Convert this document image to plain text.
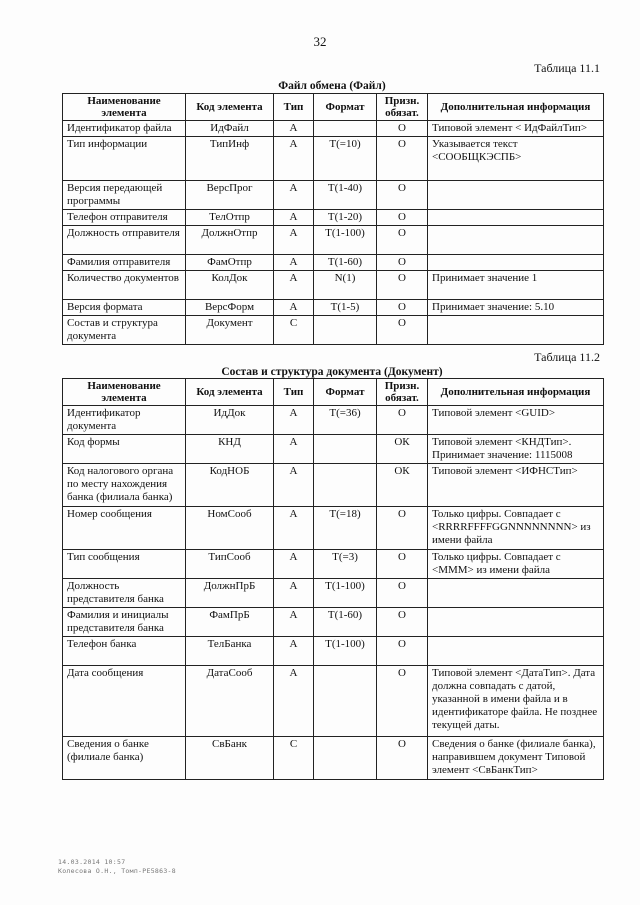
32
Таблица 11.1
Файл обмена (Файл)
Наименование элемента	Код элемента	Тип	Формат	Призн. обязат.	Дополнительная информация
Идентификатор файла	ИдФайл	А		О	Типовой элемент < ИдФайлТип>
Тип информации	ТипИнф	А	Т(=10)	О	Указывается текст <СООБЩКЭСПБ>
Версия передающей программы	ВерсПрог	А	Т(1-40)	О	
Телефон отправителя	ТелОтпр	А	Т(1-20)	О	
Должность отправителя	ДолжнОтпр	А	Т(1-100)	О	
Фамилия отправителя	ФамОтпр	А	Т(1-60)	О	
Количество документов	КолДок	А	N(1)	О	Принимает значение 1
Версия формата	ВерсФорм	А	Т(1-5)	О	Принимает значение: 5.10
Состав и структура документа	Документ	С		О	
Таблица 11.2
Состав и структура документа (Документ)
Наименование элемента	Код элемента	Тип	Формат	Призн. обязат.	Дополнительная информация
Идентификатор документа	ИдДок	А	Т(=36)	О	Типовой элемент <GUID>
Код формы	КНД	А		ОК	Типовой элемент <КНДТип>. Принимает значение: 1115008
Код налогового органа по месту нахождения банка (филиала банка)	КодНОБ	А		ОК	Типовой элемент <ИФНСТип>
Номер сообщения	НомСооб	А	Т(=18)	О	Только цифры. Совпадает с <RRRRFFFFGGNNNNNNNN> из имени файла
Тип сообщения	ТипСооб	А	Т(=3)	О	Только цифры. Совпадает с <МММ> из имени файла
Должность представителя банка	ДолжнПрБ	А	Т(1-100)	О	
Фамилия и инициалы представителя банка	ФамПрБ	А	Т(1-60)	О	
Телефон банка	ТелБанка	А	Т(1-100)	О	
Дата сообщения	ДатаСооб	А		О	Типовой элемент <ДатаТип>. Дата должна совпадать с датой, указанной в имени файла и в идентификаторе файла. Не позднее текущей даты.
Сведения о банке (филиале банка)	СвБанк	С		О	Сведения о банке (филиале банка), направившем документ Типовой элемент <СвБанкТип>
14.03.2014 10:57
Колесова О.Н., Томп-РЕ5863-8
